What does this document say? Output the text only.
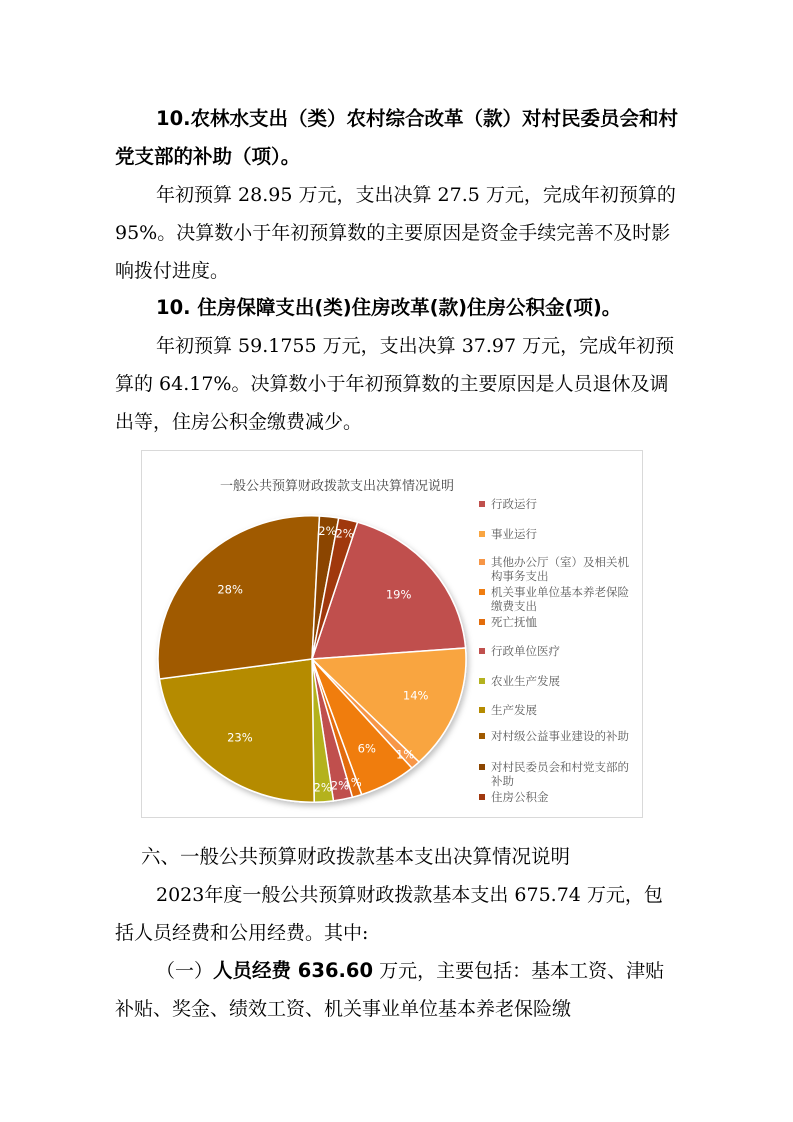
10.农林水支出（类）农村综合改革（款）对村民委员会和村党支部的补助（项）。

年初预算 28.95 万元，支出决算 27.5 万元，完成年初预算的 95%。决算数小于年初预算数的主要原因是资金手续完善不及时影响拨付进度。

10. 住房保障支出(类)住房改革(款)住房公积金(项)。

年初预算 59.1755 万元，支出决算 37.97 万元，完成年初预算的 64.17%。决算数小于年初预算数的主要原因是人员退休及调出等，住房公积金缴费减少。

一般公共预算财政拨款支出决算情况说明
19%
14%
1%
6%
1%
2%
2%
23%
28%
2%
2%
行政运行
事业运行
其他办公厅（室）及相关机构事务支出
机关事业单位基本养老保险缴费支出
死亡抚恤
行政单位医疗
农业生产发展
生产发展
对村级公益事业建设的补助
对村民委员会和村党支部的补助
住房公积金

六、一般公共预算财政拨款基本支出决算情况说明

2023年度一般公共预算财政拨款基本支出 675.74 万元，包括人员经费和公用经费。其中:

（一）人员经费 636.60 万元，主要包括：基本工资、津贴补贴、奖金、绩效工资、机关事业单位基本养老保险缴
